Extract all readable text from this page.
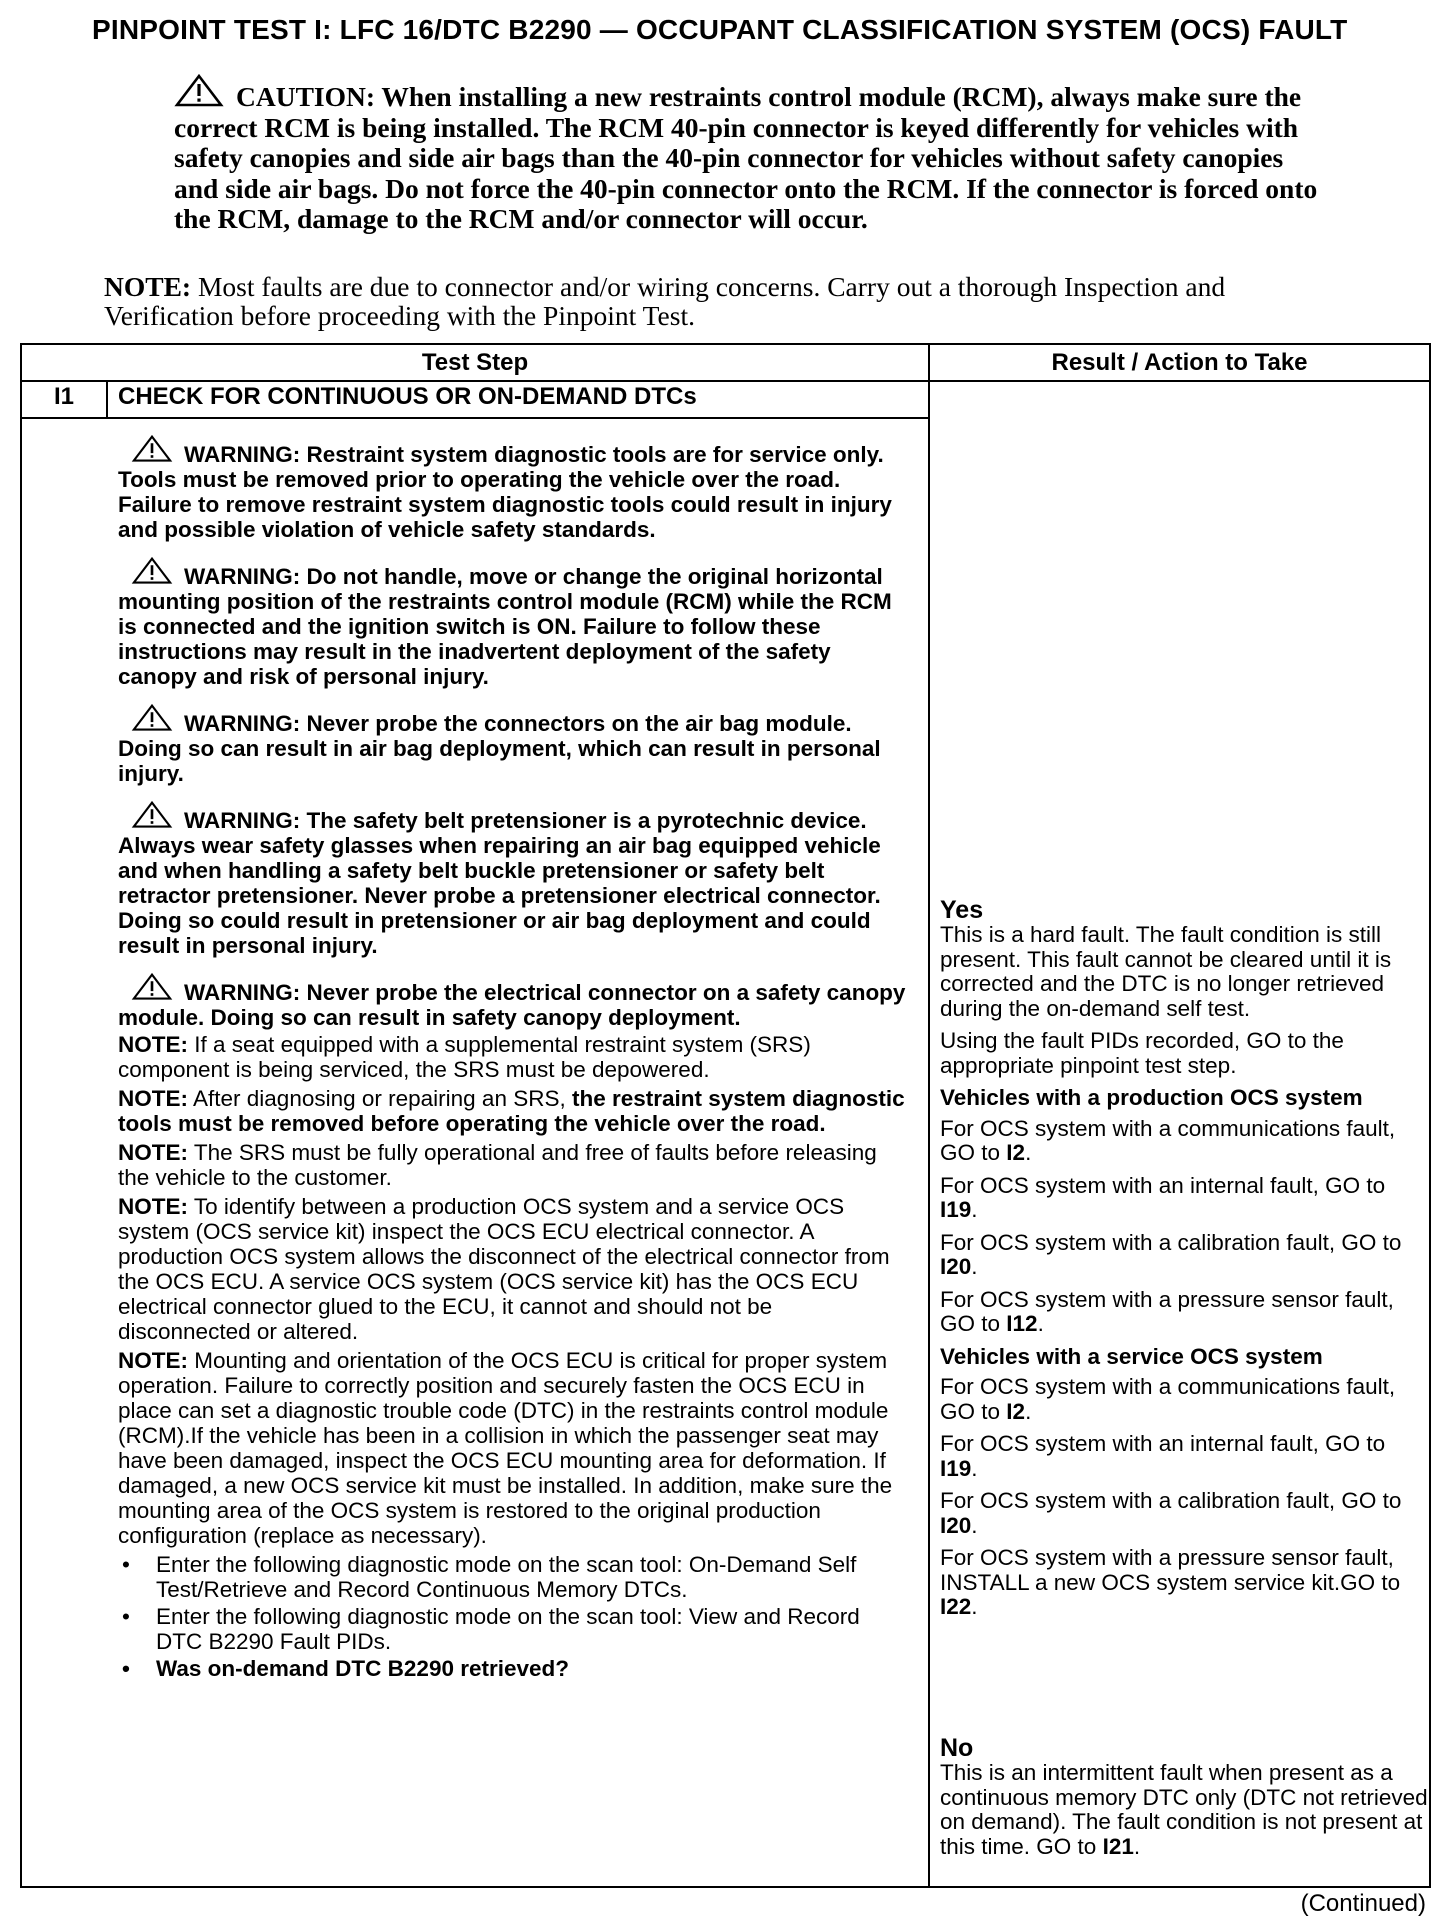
PINPOINT TEST I: LFC 16/DTC B2290 — OCCUPANT CLASSIFICATION SYSTEM (OCS) FAULT
CAUTION: When installing a new restraints control module (RCM), always make sure the correct RCM is being installed. The RCM 40-pin connector is keyed differently for vehicles with safety canopies and side air bags than the 40-pin connector for vehicles without safety canopies and side air bags. Do not force the 40-pin connector onto the RCM. If the connector is forced onto the RCM, damage to the RCM and/or connector will occur.
NOTE: Most faults are due to connector and/or wiring concerns. Carry out a thorough Inspection and Verification before proceeding with the Pinpoint Test.
Test Step	Result / Action to Take
I1 CHECK FOR CONTINUOUS OR ON-DEMAND DTCs
WARNING: Restraint system diagnostic tools are for service only. Tools must be removed prior to operating the vehicle over the road. Failure to remove restraint system diagnostic tools could result in injury and possible violation of vehicle safety standards.
WARNING: Do not handle, move or change the original horizontal mounting position of the restraints control module (RCM) while the RCM is connected and the ignition switch is ON. Failure to follow these instructions may result in the inadvertent deployment of the safety canopy and risk of personal injury.
WARNING: Never probe the connectors on the air bag module. Doing so can result in air bag deployment, which can result in personal injury.
WARNING: The safety belt pretensioner is a pyrotechnic device. Always wear safety glasses when repairing an air bag equipped vehicle and when handling a safety belt buckle pretensioner or safety belt retractor pretensioner. Never probe a pretensioner electrical connector. Doing so could result in pretensioner or air bag deployment and could result in personal injury.
WARNING: Never probe the electrical connector on a safety canopy module. Doing so can result in safety canopy deployment.
NOTE: If a seat equipped with a supplemental restraint system (SRS) component is being serviced, the SRS must be depowered.
NOTE: After diagnosing or repairing an SRS, the restraint system diagnostic tools must be removed before operating the vehicle over the road.
NOTE: The SRS must be fully operational and free of faults before releasing the vehicle to the customer.
NOTE: To identify between a production OCS system and a service OCS system (OCS service kit) inspect the OCS ECU electrical connector. A production OCS system allows the disconnect of the electrical connector from the OCS ECU. A service OCS system (OCS service kit) has the OCS ECU electrical connector glued to the ECU, it cannot and should not be disconnected or altered.
NOTE: Mounting and orientation of the OCS ECU is critical for proper system operation. Failure to correctly position and securely fasten the OCS ECU in place can set a diagnostic trouble code (DTC) in the restraints control module (RCM).If the vehicle has been in a collision in which the passenger seat may have been damaged, inspect the OCS ECU mounting area for deformation. If damaged, a new OCS service kit must be installed. In addition, make sure the mounting area of the OCS system is restored to the original production configuration (replace as necessary).
• Enter the following diagnostic mode on the scan tool: On-Demand Self Test/Retrieve and Record Continuous Memory DTCs.
• Enter the following diagnostic mode on the scan tool: View and Record DTC B2290 Fault PIDs.
• Was on-demand DTC B2290 retrieved?
Yes
This is a hard fault. The fault condition is still present. This fault cannot be cleared until it is corrected and the DTC is no longer retrieved during the on-demand self test.
Using the fault PIDs recorded, GO to the appropriate pinpoint test step.
Vehicles with a production OCS system
For OCS system with a communications fault, GO to I2.
For OCS system with an internal fault, GO to I19.
For OCS system with a calibration fault, GO to I20.
For OCS system with a pressure sensor fault, GO to I12.
Vehicles with a service OCS system
For OCS system with a communications fault, GO to I2.
For OCS system with an internal fault, GO to I19.
For OCS system with a calibration fault, GO to I20.
For OCS system with a pressure sensor fault, INSTALL a new OCS system service kit.GO to I22.
No
This is an intermittent fault when present as a continuous memory DTC only (DTC not retrieved on demand). The fault condition is not present at this time. GO to I21.
(Continued)
